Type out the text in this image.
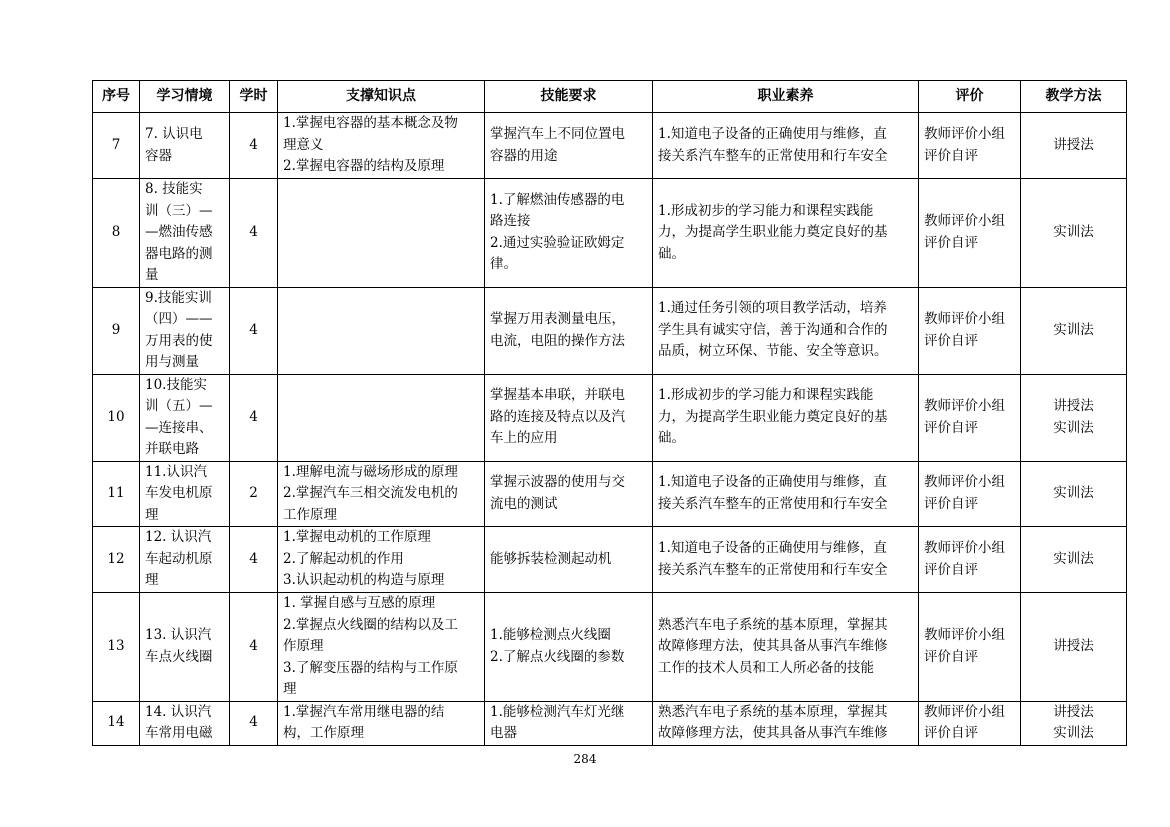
序号	学习情境	学时	支撑知识点	技能要求	职业素养	评价	教学方法
7	7. 认识电
容器	4	1.掌握电容器的基本概念及物
理意义
2.掌握电容器的结构及原理	掌握汽车上不同位置电
容器的用途	1.知道电子设备的正确使用与维修，直
接关系汽车整车的正常使用和行车安全	教师评价小组
评价自评	讲授法

8	8. 技能实
训（三）—
—燃油传感
器电路的测
量	4		1.了解燃油传感器的电
路连接
2.通过实验验证欧姆定
律。	1.形成初步的学习能力和课程实践能
力，为提高学生职业能力奠定良好的基
础。	教师评价小组
评价自评	实训法

9	9.技能实训
（四）——
万用表的使
用与测量	4		掌握万用表测量电压，
电流，电阻的操作方法	1.通过任务引领的项目教学活动，培养
学生具有诚实守信，善于沟通和合作的
品质，树立环保、节能、安全等意识。	教师评价小组
评价自评	实训法

10	10.技能实
训（五）—
—连接串、
并联电路	4		掌握基本串联，并联电
路的连接及特点以及汽
车上的应用	1.形成初步的学习能力和课程实践能
力，为提高学生职业能力奠定良好的基
础。	教师评价小组
评价自评	讲授法
实训法

11	11.认识汽
车发电机原
理	2	1.理解电流与磁场形成的原理
2.掌握汽车三相交流发电机的
工作原理	掌握示波器的使用与交
流电的测试	1.知道电子设备的正确使用与维修，直
接关系汽车整车的正常使用和行车安全	教师评价小组
评价自评	实训法

12	12. 认识汽
车起动机原
理	4	1.掌握电动机的工作原理
2.了解起动机的作用
3.认识起动机的构造与原理	能够拆装检测起动机	1.知道电子设备的正确使用与维修，直
接关系汽车整车的正常使用和行车安全	教师评价小组
评价自评	实训法

13	13. 认识汽
车点火线圈	4	1. 掌握自感与互感的原理
2.掌握点火线圈的结构以及工
作原理
3.了解变压器的结构与工作原
理	1.能够检测点火线圈
2.了解点火线圈的参数	熟悉汽车电子系统的基本原理，掌握其
故障修理方法，使其具备从事汽车维修
工作的技术人员和工人所必备的技能	教师评价小组
评价自评	讲授法

14	14. 认识汽
车常用电磁	4	1.掌握汽车常用继电器的结
构，工作原理	1.能够检测汽车灯光继
电器	熟悉汽车电子系统的基本原理，掌握其
故障修理方法，使其具备从事汽车维修	教师评价小组
评价自评	讲授法
实训法
284
